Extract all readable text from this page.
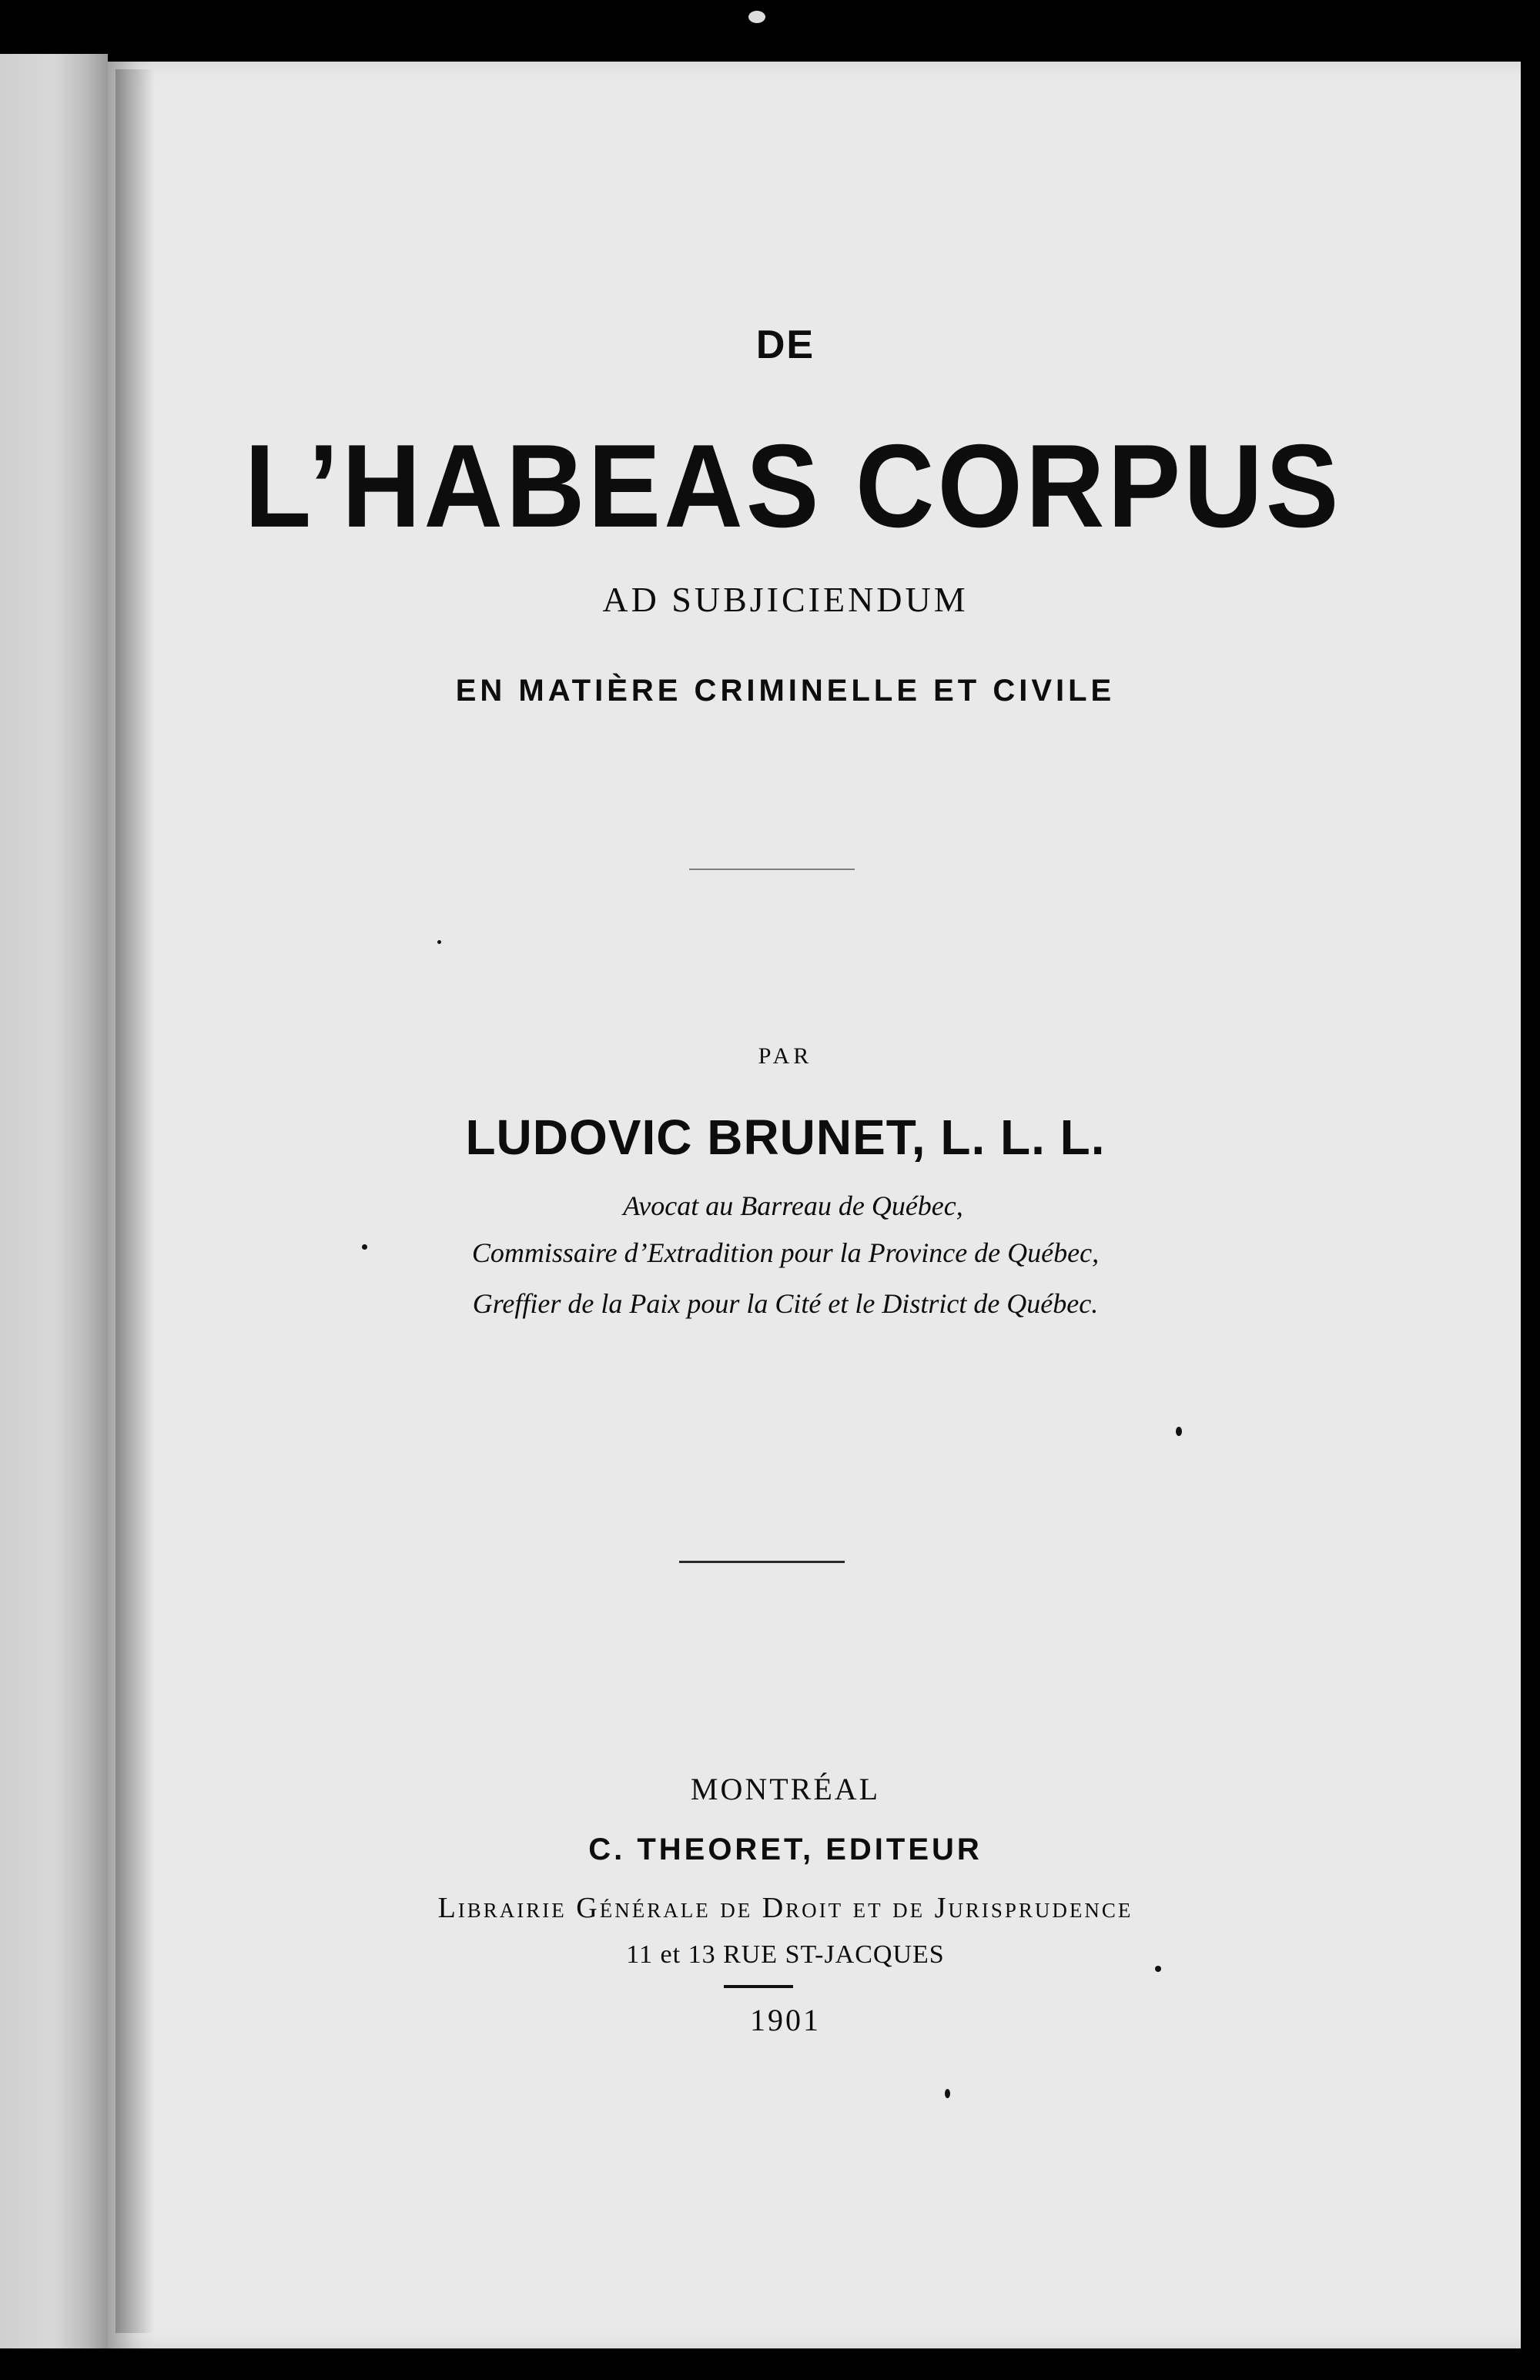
DE
L’HABEAS CORPUS
AD SUBJICIENDUM
EN MATIÈRE CRIMINELLE ET CIVILE
PAR
LUDOVIC BRUNET, L. L. L.
Avocat au Barreau de Québec,
Commissaire d’Extradition pour la Province de Québec,
Greffier de la Paix pour la Cité et le District de Québec.
MONTRÉAL
C. THEORET, EDITEUR
Librairie Générale de Droit et de Jurisprudence
11 et 13 RUE ST-JACQUES
1901
